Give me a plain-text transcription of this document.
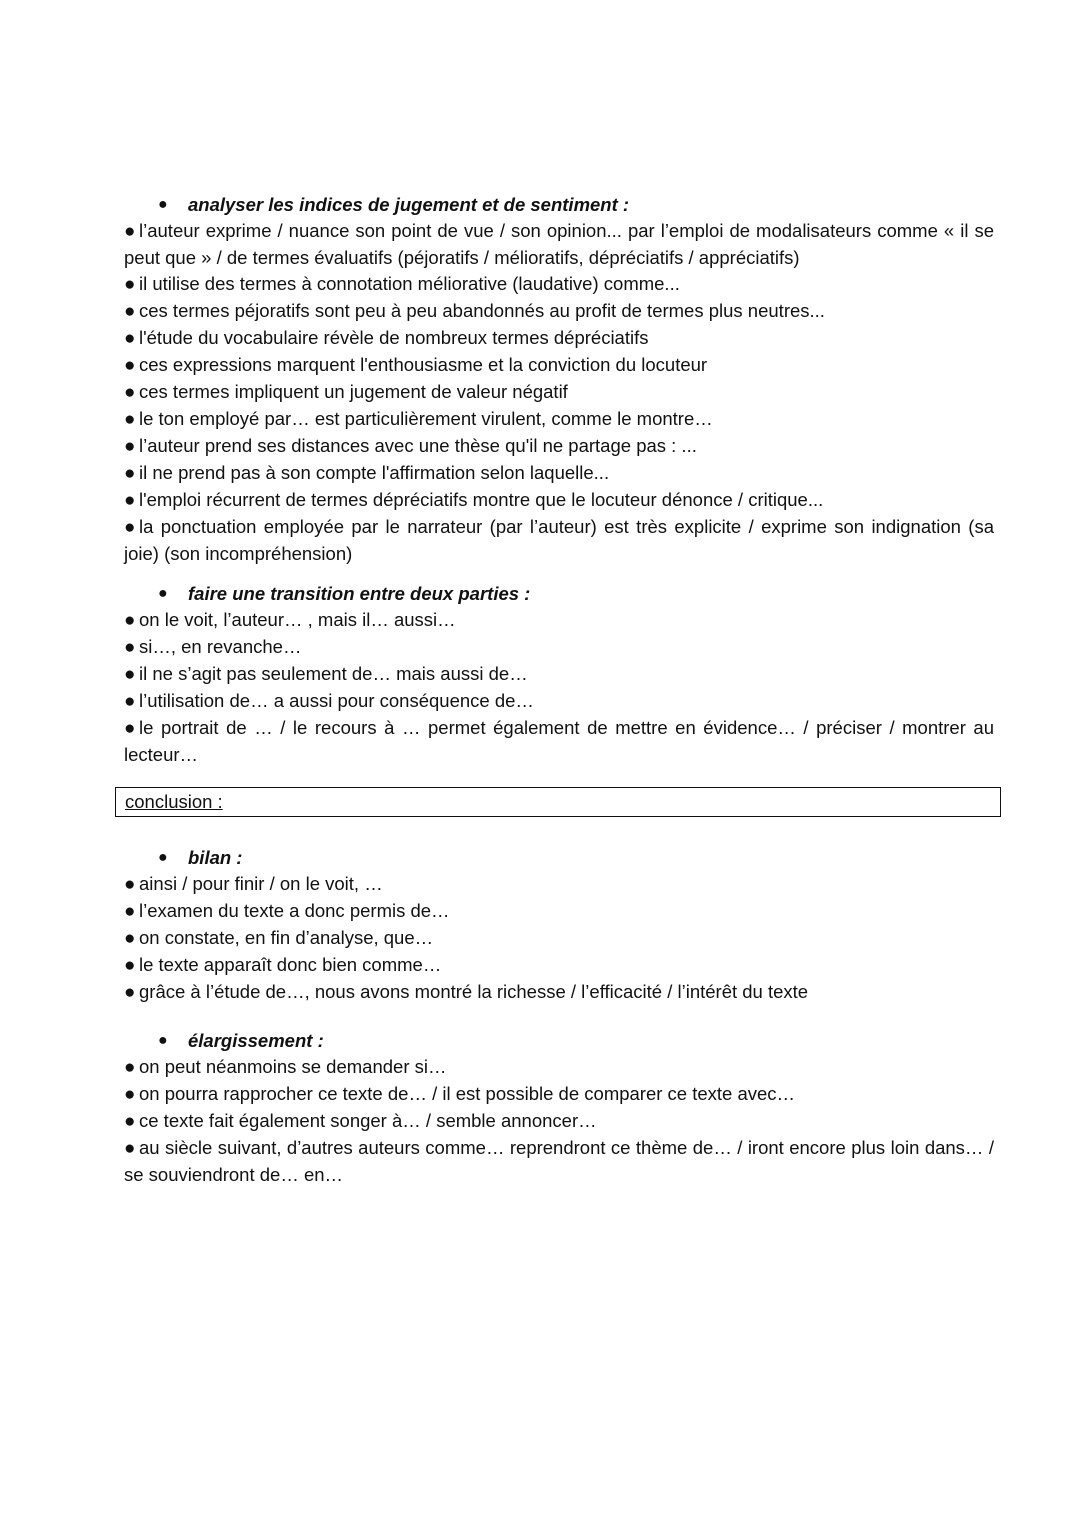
● analyser les indices de jugement et de sentiment :

● l’auteur exprime / nuance son point de vue / son opinion... par l’emploi de modalisateurs comme « il se peut que » / de termes évaluatifs (péjoratifs / mélioratifs, dépréciatifs / appréciatifs)

● il utilise des termes à connotation méliorative (laudative) comme...

● ces termes péjoratifs sont peu à peu abandonnés au profit de termes plus neutres...

● l'étude du vocabulaire révèle de nombreux termes dépréciatifs

● ces expressions marquent l'enthousiasme et la conviction du locuteur

● ces termes impliquent un jugement de valeur négatif

● le ton employé par… est particulièrement virulent, comme le montre…

● l’auteur prend ses distances avec une thèse qu'il ne partage pas : ...

● il ne prend pas à son compte l'affirmation selon laquelle...

● l'emploi récurrent de termes dépréciatifs montre que le locuteur dénonce / critique...

● la ponctuation employée par le narrateur (par l’auteur) est très explicite / exprime son indignation (sa joie) (son incompréhension)

● faire une transition entre deux parties :

● on le voit, l’auteur… , mais il… aussi…

● si…, en revanche…

● il ne s’agit pas seulement de… mais aussi de…

● l’utilisation de… a aussi pour conséquence de…

● le portrait de … / le recours à … permet également de mettre en évidence… / préciser / montrer au lecteur…

conclusion :
● bilan :

● ainsi / pour finir / on le voit, …

● l’examen du texte a donc permis de…

● on constate, en fin d’analyse, que…

● le texte apparaît donc bien comme…

● grâce à l’étude de…, nous avons montré la richesse / l’efficacité / l’intérêt du texte

● élargissement :

● on peut néanmoins se demander si…

● on pourra rapprocher ce texte de… / il est possible de comparer ce texte avec…

● ce texte fait également songer à… / semble annoncer…

● au siècle suivant, d’autres auteurs comme… reprendront ce thème de… / iront encore plus loin dans… / se souviendront de… en…
